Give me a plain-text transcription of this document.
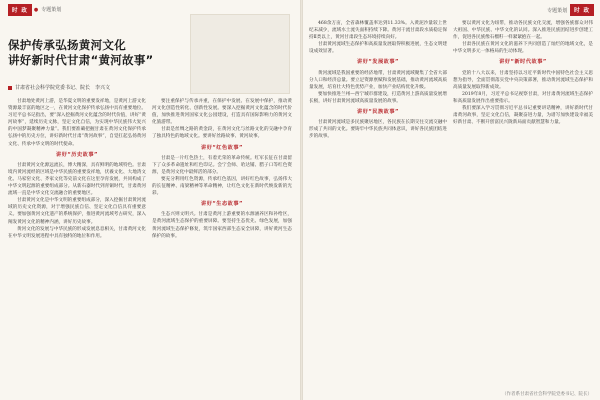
时 政	● 专题策划
保护传承弘扬黄河文化
讲好新时代甘肃“黄河故事”
甘肃省社会科学院党委书记、院长　李兴文

甘肃地处黄河上游，是华夏文明的重要发祥地，是黄河上游文化资源最丰富的地区之一，在黄河文化保护传承弘扬中具有重要地位。习近平总书记指出，要“深入挖掘黄河文化蕴含的时代价值，讲好“黄河故事”，延续历史文脉，坚定文化自信，为实现中华民族伟大复兴的中国梦凝聚精神力量”。我们要准确把握甘肃在黄河文化保护传承弘扬中的历史方位，讲好新时代甘肃“黄河故事”，自觉扛起弘扬黄河文化、传承中华文明的时代使命。

讲好“历史故事”

甘肃黄河文化源远流长，博大精深，具有鲜明的地域特色。甘肃境内黄河流经的区域是中华民族的重要发祥地，伏羲文化、大地湾文化、马家窑文化、齐家文化等史前文化在这里孕育发展，共同构成了中华文明起源的重要组成部分。从新石器时代到青铜时代，甘肃黄河流域一直是中华文化交流融合的重要地区。

甘肃黄河文化是中华文明的重要组成部分，深入挖掘甘肃黄河流域的历史文化资源，对于增强民族自信、坚定文化自信具有重要意义。要加强黄河文化遗产的系统保护，推进黄河流域考古研究，深入阐发黄河文化的精神内涵，讲好历史故事。

黄河文化的发展与中华民族的形成发展息息相关，甘肃黄河文化在中华文明发展进程中具有独特的地位和作用。

要注重保护与传承并重，在保护中发展、在发展中保护，推动黄河文化创造性转化、创新性发展。要深入挖掘黄河文化蕴含的时代价值，加快推进黄河国家文化公园建设，打造具有国际影响力的黄河文化旅游带。

甘肃是丝绸之路的黄金段，在黄河文化与丝路文化的交融中孕育了独具特色的地域文化。要讲好丝路故事、黄河故事。

讲好“红色故事”

甘肃是一片红色热土，有着光荣的革命传统。红军长征在甘肃留下了众多革命遗址和红色印记。会宁会师、哈达铺、腊子口等红色资源，是黄河文化中最鲜活的部分。

要充分利用红色资源，传承红色基因，讲好红色故事，弘扬伟大的长征精神、南梁精神等革命精神，让红色文化在新时代焕发新的光彩。

讲好“生态故事”

生态兴则文明兴。甘肃是黄河上游重要的水源涵养区和补给区，是黄河流域生态保护的重要屏障。要坚持生态优先、绿色发展，加强黄河流域生态保护修复，筑牢国家西部生态安全屏障，讲好黄河生态保护的故事。

专题策划	时 政

468余万亩，全省森林覆盖率达到11.33%。入黄泥沙量较上世纪末减少，流域水土流失面积持续下降。黄河干流甘肃段水质稳定保持Ⅱ类以上，黄河甘肃段生态环境持续向好。

甘肃黄河流域生态保护和高质量发展取得积极进展，生态文明建设成效显著。

讲好“发展故事”

黄河流域是我国重要的经济地带，甘肃黄河流域聚集了全省大部分人口和经济总量。要立足资源禀赋和发展基础，推动黄河流域高质量发展，培育壮大特色优势产业，加快产业结构优化升级。

要加快推进兰州—西宁城市群建设，打造黄河上游高质量发展增长极，讲好甘肃黄河流域高质量发展的故事。

讲好“民族故事”

甘肃黄河流域是多民族聚居地区，各民族在长期交往交流交融中形成了共同的文化。要铸牢中华民族共同体意识，讲好各民族团结进步的故事。

要以黄河文化为纽带，推动各民族文化交流，增强各族群众对伟大祖国、中华民族、中华文化的认同。深入推进民族团结进步创建工作，促进各民族像石榴籽一样紧紧抱在一起。

甘肃各民族在黄河文化的滋养下共同创造了灿烂的地域文化，是中华文明多元一体格局的生动体现。

讲好“新时代故事”

党的十八大以来，甘肃坚持以习近平新时代中国特色社会主义思想为指导，全面贯彻落实党中央决策部署，推动黄河流域生态保护和高质量发展取得新成效。

2019年8月，习近平总书记视察甘肃，对甘肃黄河流域生态保护和高质量发展作出重要指示。

我们要深入学习贯彻习近平总书记重要讲话精神，讲好新时代甘肃黄河故事，坚定文化自信，凝聚奋进力量，为谱写加快建设幸福美好新甘肃、不断开创富民兴陇新局面贡献智慧和力量。

（作者系甘肃省社会科学院党委书记、院长）
